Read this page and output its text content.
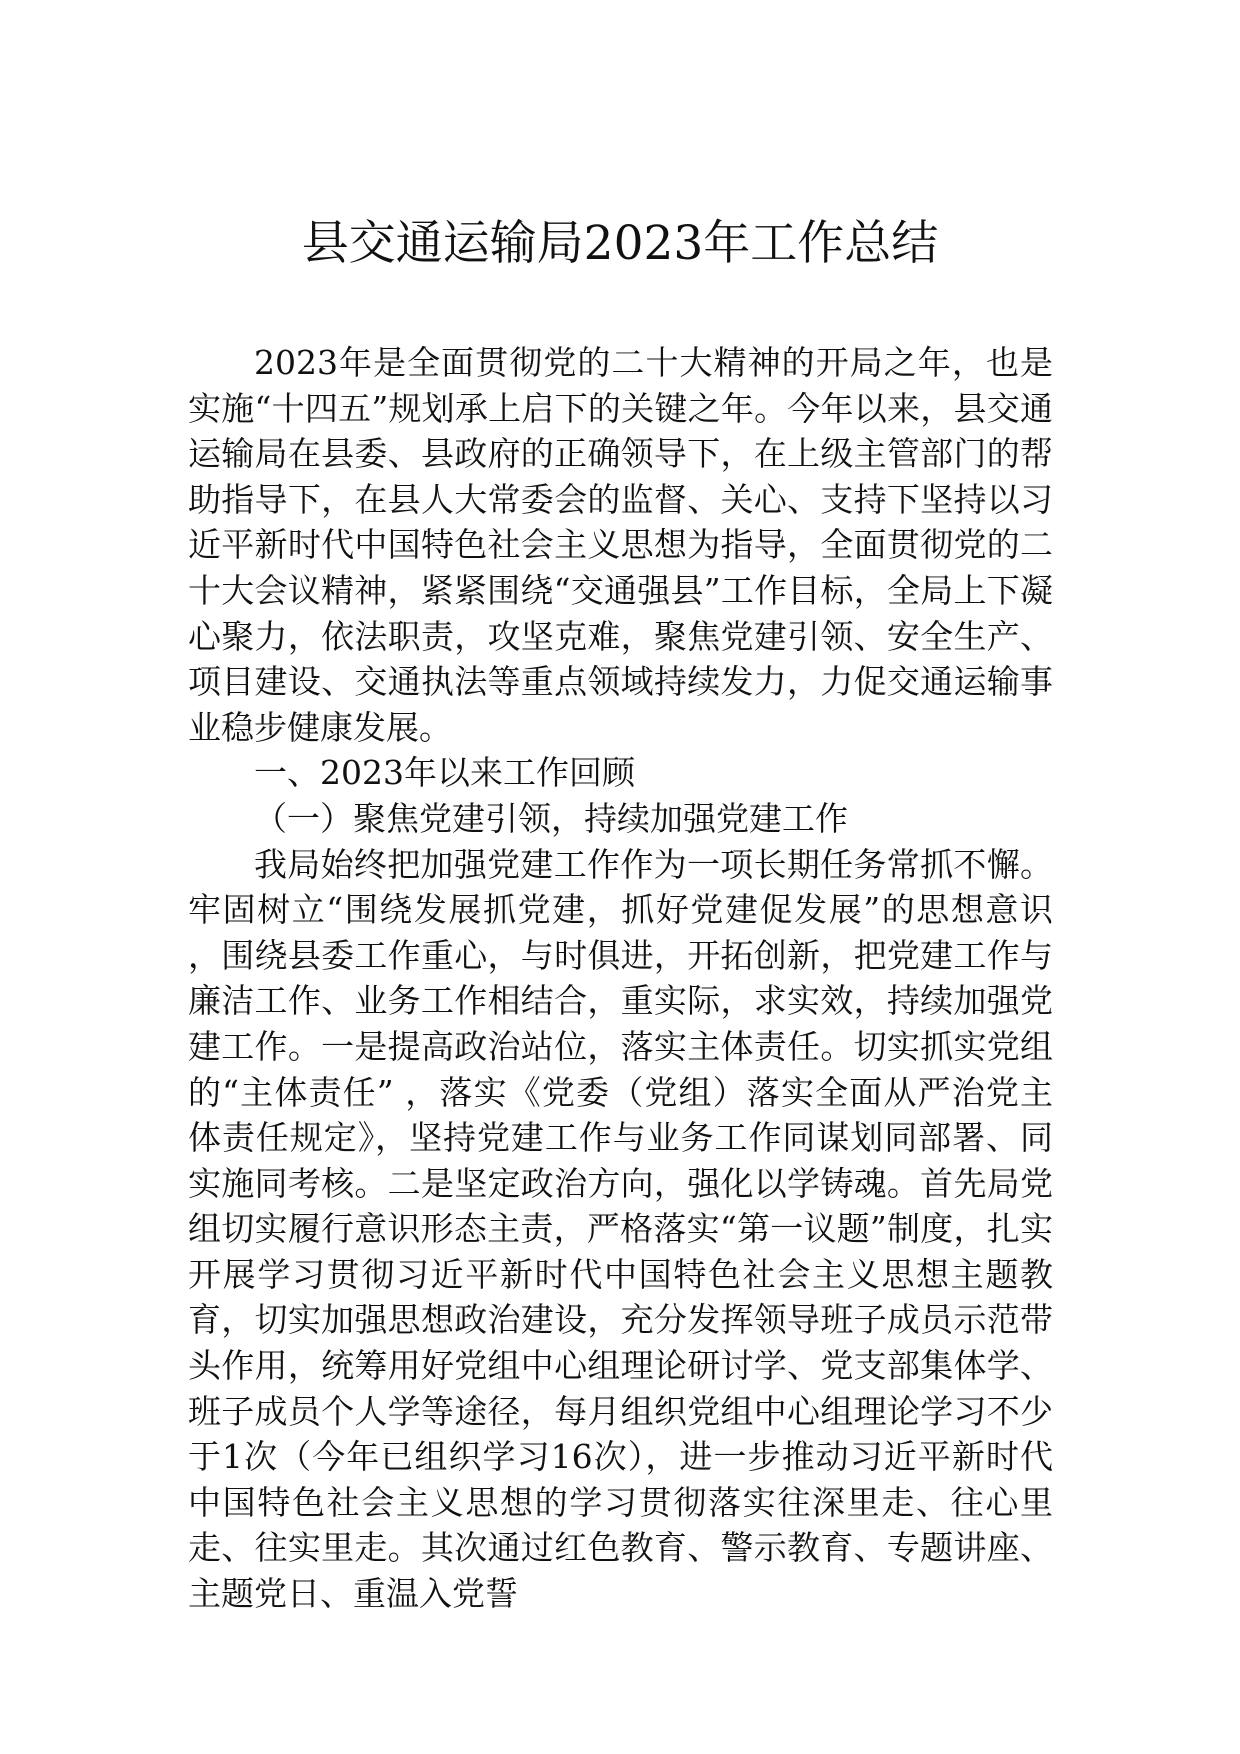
县交通运输局2023年工作总结

2023年是全面贯彻党的二十大精神的开局之年，也是实施“十四五”规划承上启下的关键之年。今年以来，县交通运输局在县委、县政府的正确领导下，在上级主管部门的帮助指导下，在县人大常委会的监督、关心、支持下坚持以习近平新时代中国特色社会主义思想为指导，全面贯彻党的二十大会议精神，紧紧围绕“交通强县”工作目标，全局上下凝心聚力，依法职责，攻坚克难，聚焦党建引领、安全生产、项目建设、交通执法等重点领域持续发力，力促交通运输事业稳步健康发展。

一、2023年以来工作回顾

（一）聚焦党建引领，持续加强党建工作

我局始终把加强党建工作作为一项长期任务常抓不懈。牢固树立“围绕发展抓党建，抓好党建促发展”的思想意识 ，围绕县委工作重心，与时俱进，开拓创新，把党建工作与廉洁工作、业务工作相结合，重实际，求实效，持续加强党建工作。一是提高政治站位，落实主体责任。切实抓实党组的“主体责任” ，落实《党委（党组）落实全面从严治党主体责任规定》，坚持党建工作与业务工作同谋划同部署、同实施同考核。二是坚定政治方向，强化以学铸魂。首先局党组切实履行意识形态主责，严格落实“第一议题”制度，扎实开展学习贯彻习近平新时代中国特色社会主义思想主题教育，切实加强思想政治建设，充分发挥领导班子成员示范带头作用，统筹用好党组中心组理论研讨学、党支部集体学、班子成员个人学等途径，每月组织党组中心组理论学习不少于1次（今年已组织学习16次），进一步推动习近平新时代中国特色社会主义思想的学习贯彻落实往深里走、往心里走、往实里走。其次通过红色教育、警示教育、专题讲座、主题党日、重温入党誓
